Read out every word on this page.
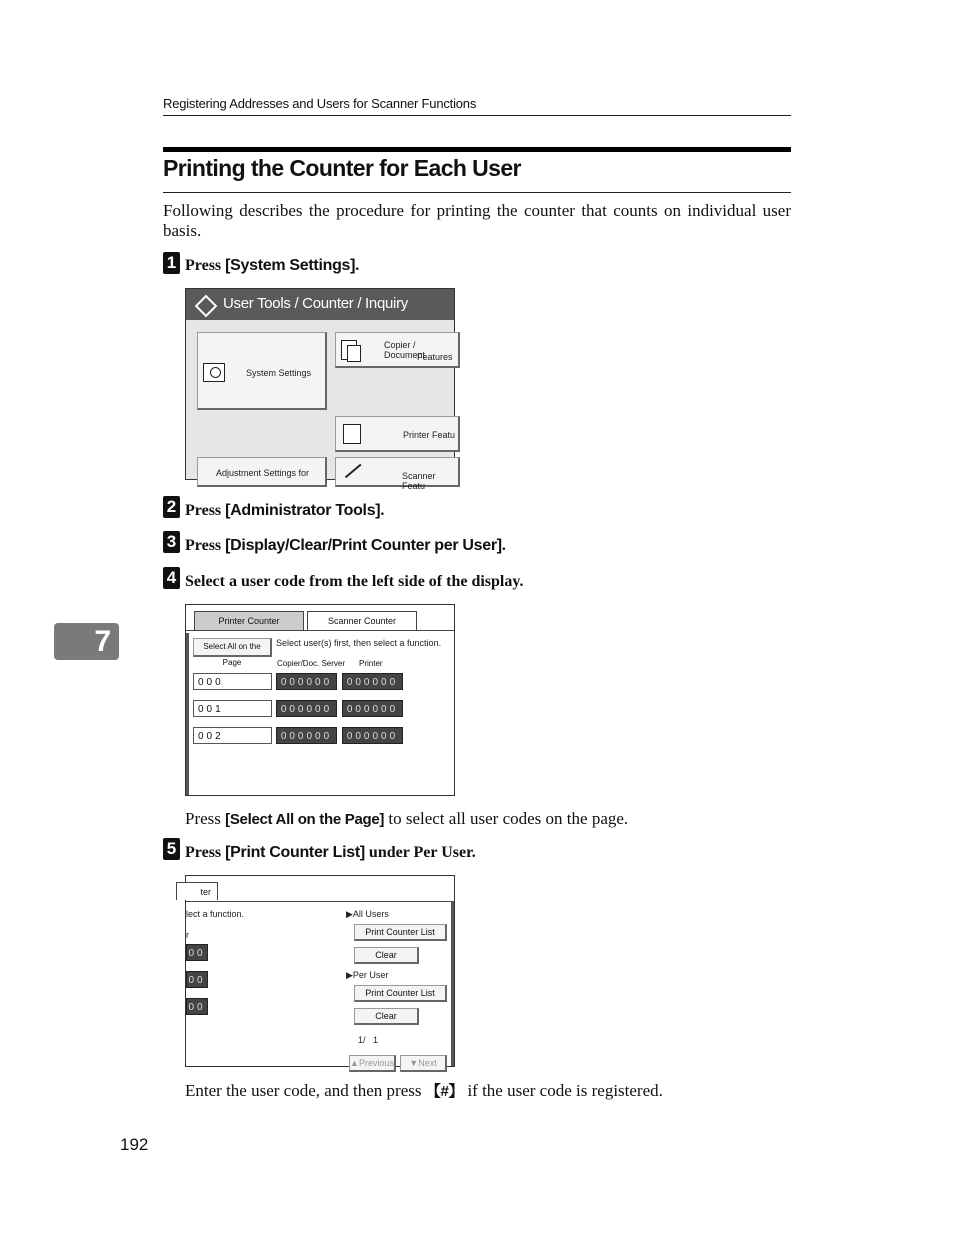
Registering Addresses and Users for Scanner Functions
Printing the Counter for Each User
Following describes the procedure for printing the counter that counts on individual user basis.
1 Press [System Settings].
User Tools / Counter / Inquiry
System Settings
Copier / Document
Features
Printer Featu
Adjustment Settings for	Scanner Featu
2 Press [Administrator Tools].
3 Press [Display/Clear/Print Counter per User].
4 Select a user code from the left side of the display.
Printer Counter	Scanner Counter
Select All on the Page
Select user(s) first, then select a function.
Copier/Doc. Server Printer
000	000000	000000
001	000000	000000
002	000000	000000
Press [Select All on the Page] to select all user codes on the page.
5 Press [Print Counter List] under Per User.
ter
lect a function.
r
00
00
00
▶All Users
Print Counter List
Clear
▶Per User
Print Counter List
Clear
1/   1
▲Previous	▼Next
Enter the user code, and then press 【#】 if the user code is registered.
7
192
